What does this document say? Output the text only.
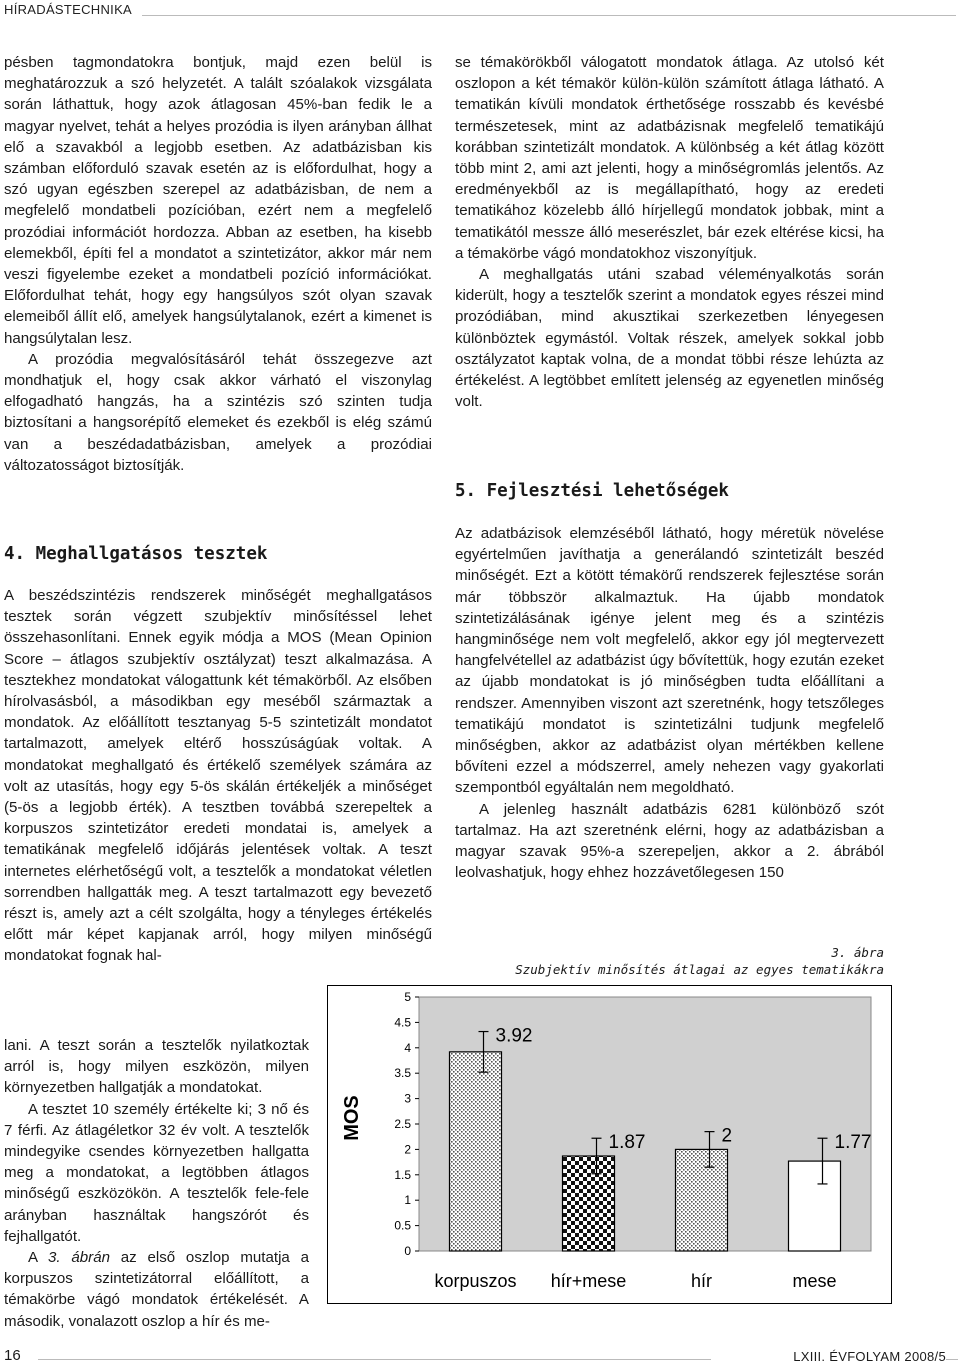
HÍRADÁSTECHNIKA

pésben tagmondatokra bontjuk, majd ezen belül is meghatározzuk a szó helyzetét. A talált szóalakok vizsgálata során láthattuk, hogy azok átlagosan 45%-ban fedik le a magyar nyelvet, tehát a helyes prozódia is ilyen arányban állhat elő a szavakból a legjobb esetben. Az adatbázisban kis számban előforduló szavak esetén az is előfordulhat, hogy a szó ugyan egészben szerepel az adatbázisban, de nem a megfelelő mondatbeli pozícióban, ezért nem a megfelelő prozódiai információt hordozza. Abban az esetben, ha kisebb elemekből, építi fel a mondatot a szintetizátor, akkor már nem veszi figyelembe ezeket a mondatbeli pozíció információkat. Előfordulhat tehát, hogy egy hangsúlyos szót olyan szavak elemeiből állít elő, amelyek hangsúlytalanok, ezért a kimenet is hangsúlytalan lesz.

A prozódia megvalósításáról tehát összegezve azt mondhatjuk el, hogy csak akkor várható el viszonylag elfogadható hangzás, ha a szintézis szó szinten tudja biztosítani a hangsorépítő elemeket és ezekből is elég számú van a beszédadatbázisban, amelyek a prozódiai változatosságot biztosítják.

4. Meghallgatásos tesztek

A beszédszintézis rendszerek minőségét meghallgatásos tesztek során végzett szubjektív minősítéssel lehet összehasonlítani. Ennek egyik módja a MOS (Mean Opinion Score – átlagos szubjektív osztályzat) teszt alkalmazása. A tesztekhez mondatokat válogattunk két témakörből. Az elsőben hírolvasásból, a másodikban egy meséből származtak a mondatok. Az előállított tesztanyag 5-5 szintetizált mondatot tartalmazott, amelyek eltérő hosszúságúak voltak. A mondatokat meghallgató és értékelő személyek számára az volt az utasítás, hogy egy 5-ös skálán értékeljék a minőséget (5-ös a legjobb érték). A tesztben továbbá szerepeltek a korpuszos szintetizátor eredeti mondatai is, amelyek a tematikának megfelelő időjárás jelentések voltak. A teszt internetes elérhetőségű volt, a tesztelők a mondatokat véletlen sorrendben hallgatták meg. A teszt tartalmazott egy bevezető részt is, amely azt a célt szolgálta, hogy a tényleges értékelés előtt már képet kapjanak arról, hogy milyen minőségű mondatokat fognak hal-

lani. A teszt során a tesztelők nyilatkoztak arról is, hogy milyen eszközön, milyen környezetben hallgatják a mondatokat.

A tesztet 10 személy értékelte ki; 3 nő és 7 férfi. Az átlagéletkor 32 év volt. A tesztelők mindegyike csendes környezetben hallgatta meg a mondatokat, a legtöbben átlagos minőségű eszközökön. A tesztelők fele-fele arányban használtak hangszórót és fejhallgatót.

A 3. ábrán az első oszlop mutatja a korpuszos szintetizátorral előállított, a témakörbe vágó mondatok értékelését. A második, vonalazott oszlop a hír és me-

se témakörökből válogatott mondatok átlaga. Az utolsó két oszlopon a két témakör külön-külön számított átlaga látható. A tematikán kívüli mondatok érthetősége rosszabb és kevésbé természetesek, mint az adatbázisnak megfelelő tematikájú korábban szintetizált mondatok. A különbség a két átlag között több mint 2, ami azt jelenti, hogy a minőségromlás jelentős. Az eredményekből az is megállapítható, hogy az eredeti tematikához közelebb álló hírjellegű mondatok jobbak, mint a tematikától messze álló meserészlet, bár ezek eltérése kicsi, ha a témakörbe vágó mondatokhoz viszonyítjuk.

A meghallgatás utáni szabad véleményalkotás során kiderült, hogy a tesztelők szerint a mondatok egyes részei mind prozódiában, mind akusztikai szerkezetben lényegesen különböztek egymástól. Voltak részek, amelyek sokkal jobb osztályzatot kaptak volna, de a mondat többi része lehúzta az értékelést. A legtöbbet említett jelenség az egyenetlen minőség volt.

5. Fejlesztési lehetőségek

Az adatbázisok elemzéséből látható, hogy méretük növelése egyértelműen javíthatja a generálandó szintetizált beszéd minőségét. Ezt a kötött témakörű rendszerek fejlesztése során már többször alkalmaztuk. Ha újabb mondatok szintetizálásának igénye jelent meg és a szintézis hangminősége nem volt megfelelő, akkor egy jól megtervezett hangfelvétellel az adatbázist úgy bővítettük, hogy ezután ezeket az újabb mondatokat is jó minőségben tudta előállítani a rendszer. Amennyiben viszont azt szeretnénk, hogy tetszőleges tematikájú mondatot is szintetizálni tudjunk megfelelő minőségben, akkor az adatbázist olyan mértékben kellene bővíteni ezzel a módszerrel, amely nehezen vagy gyakorlati szempontból egyáltalán nem megoldható.

A jelenleg használt adatbázis 6281 különböző szót tartalmaz. Ha azt szeretnénk elérni, hogy az adatbázisban a magyar szavak 95%-a szerepeljen, akkor a 2. ábrából leolvashatjuk, hogy ehhez hozzávetőlegesen 150

3. ábra
Szubjektív minősítés átlagai az egyes tematikákra
MOS
0
0.5
1
1.5
2
2.5
3
3.5
4
4.5
5
3.92
1.87	2	1.77
korpuszos hír+mese	hír	mese
16	LXIII. ÉVFOLYAM 2008/5
